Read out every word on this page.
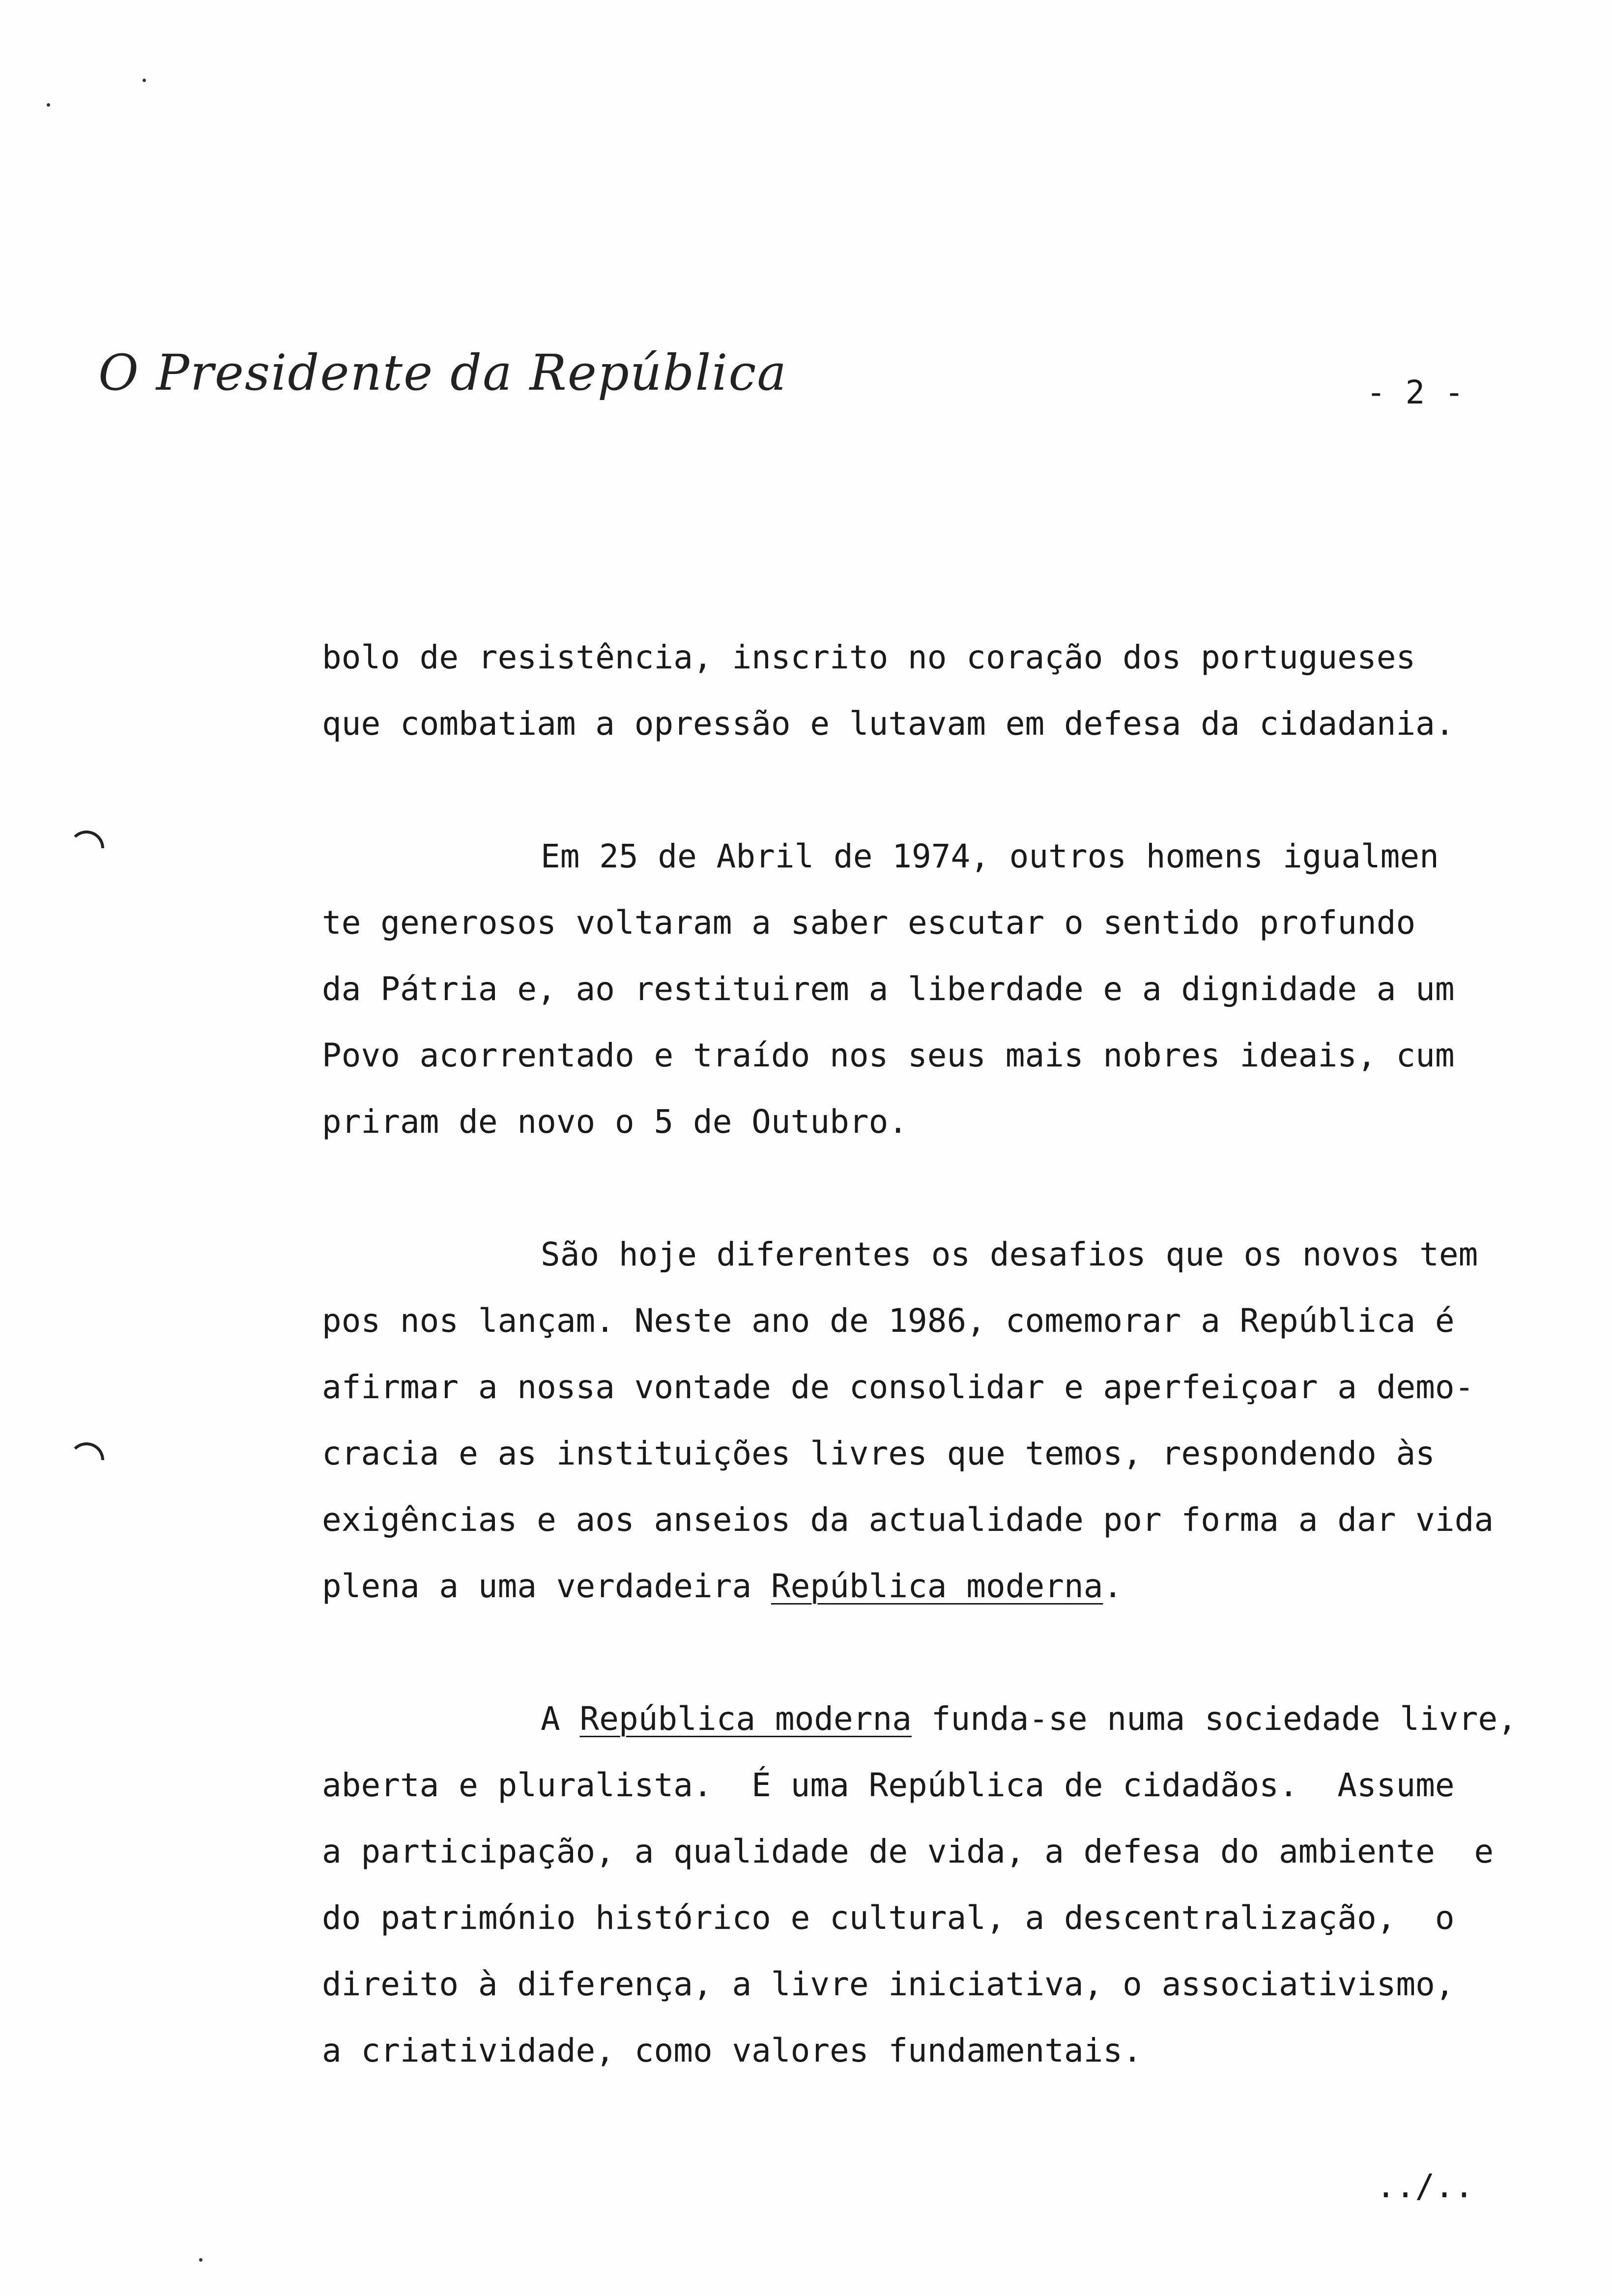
O Presidente da República	- 2 -
bolo de resistência, inscrito no coração dos portugueses
que combatiam a opressão e lutavam em defesa da cidadania.
Em 25 de Abril de 1974, outros homens igualmen
te generosos voltaram a saber escutar o sentido profundo
da Pátria e, ao restituirem a liberdade e a dignidade a um
Povo acorrentado e traído nos seus mais nobres ideais, cum
priram de novo o 5 de Outubro.
São hoje diferentes os desafios que os novos tem
pos nos lançam. Neste ano de 1986, comemorar a República é
afirmar a nossa vontade de consolidar e aperfeiçoar a demo-
cracia e as instituições livres que temos, respondendo às
exigências e aos anseios da actualidade por forma a dar vida
plena a uma verdadeira República moderna.
A República moderna funda-se numa sociedade livre,
aberta e pluralista.  É uma República de cidadãos.  Assume
a participação, a qualidade de vida, a defesa do ambiente  e
do património histórico e cultural, a descentralização,  o
direito à diferença, a livre iniciativa, o associativismo,
a criatividade, como valores fundamentais.
../..
